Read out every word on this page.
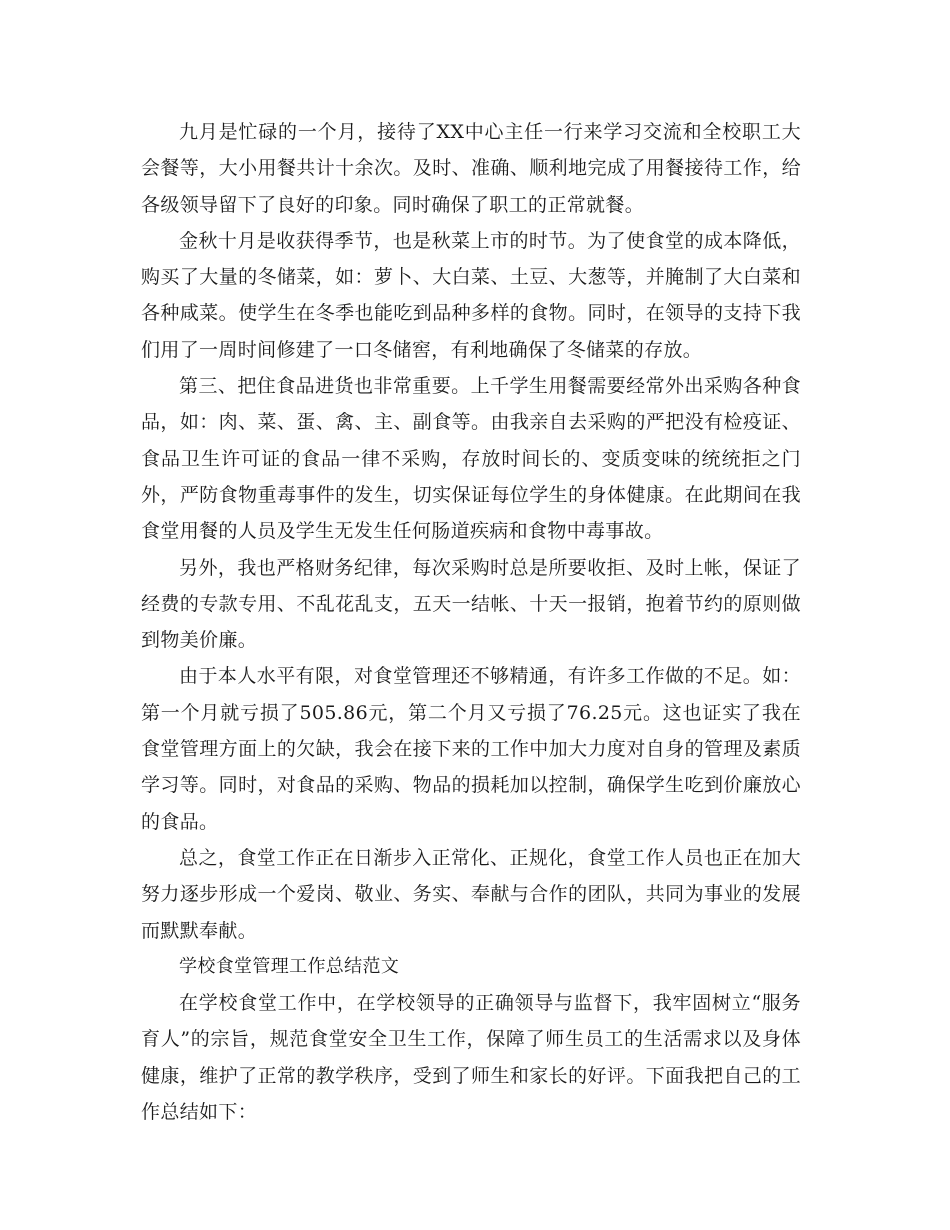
九月是忙碌的一个月，接待了XX中心主任一行来学习交流和全校职工大会餐等，大小用餐共计十余次。及时、准确、顺利地完成了用餐接待工作，给各级领导留下了良好的印象。同时确保了职工的正常就餐。

金秋十月是收获得季节，也是秋菜上市的时节。为了使食堂的成本降低，购买了大量的冬储菜，如：萝卜、大白菜、土豆、大葱等，并腌制了大白菜和各种咸菜。使学生在冬季也能吃到品种多样的食物。同时，在领导的支持下我们用了一周时间修建了一口冬储窖，有利地确保了冬储菜的存放。

第三、把住食品进货也非常重要。上千学生用餐需要经常外出采购各种食品，如：肉、菜、蛋、禽、主、副食等。由我亲自去采购的严把没有检疫证、食品卫生许可证的食品一律不采购，存放时间长的、变质变味的统统拒之门外，严防食物重毒事件的发生，切实保证每位学生的身体健康。在此期间在我食堂用餐的人员及学生无发生任何肠道疾病和食物中毒事故。

另外，我也严格财务纪律，每次采购时总是所要收拒、及时上帐，保证了经费的专款专用、不乱花乱支，五天一结帐、十天一报销，抱着节约的原则做到物美价廉。

由于本人水平有限，对食堂管理还不够精通，有许多工作做的不足。如：第一个月就亏损了505.86元，第二个月又亏损了76.25元。这也证实了我在食堂管理方面上的欠缺，我会在接下来的工作中加大力度对自身的管理及素质学习等。同时，对食品的采购、物品的损耗加以控制，确保学生吃到价廉放心的食品。

总之，食堂工作正在日渐步入正常化、正规化，食堂工作人员也正在加大努力逐步形成一个爱岗、敬业、务实、奉献与合作的团队，共同为事业的发展而默默奉献。

学校食堂管理工作总结范文

在学校食堂工作中，在学校领导的正确领导与监督下，我牢固树立“服务育人”的宗旨，规范食堂安全卫生工作，保障了师生员工的生活需求以及身体健康，维护了正常的教学秩序，受到了师生和家长的好评。下面我把自己的工作总结如下：
